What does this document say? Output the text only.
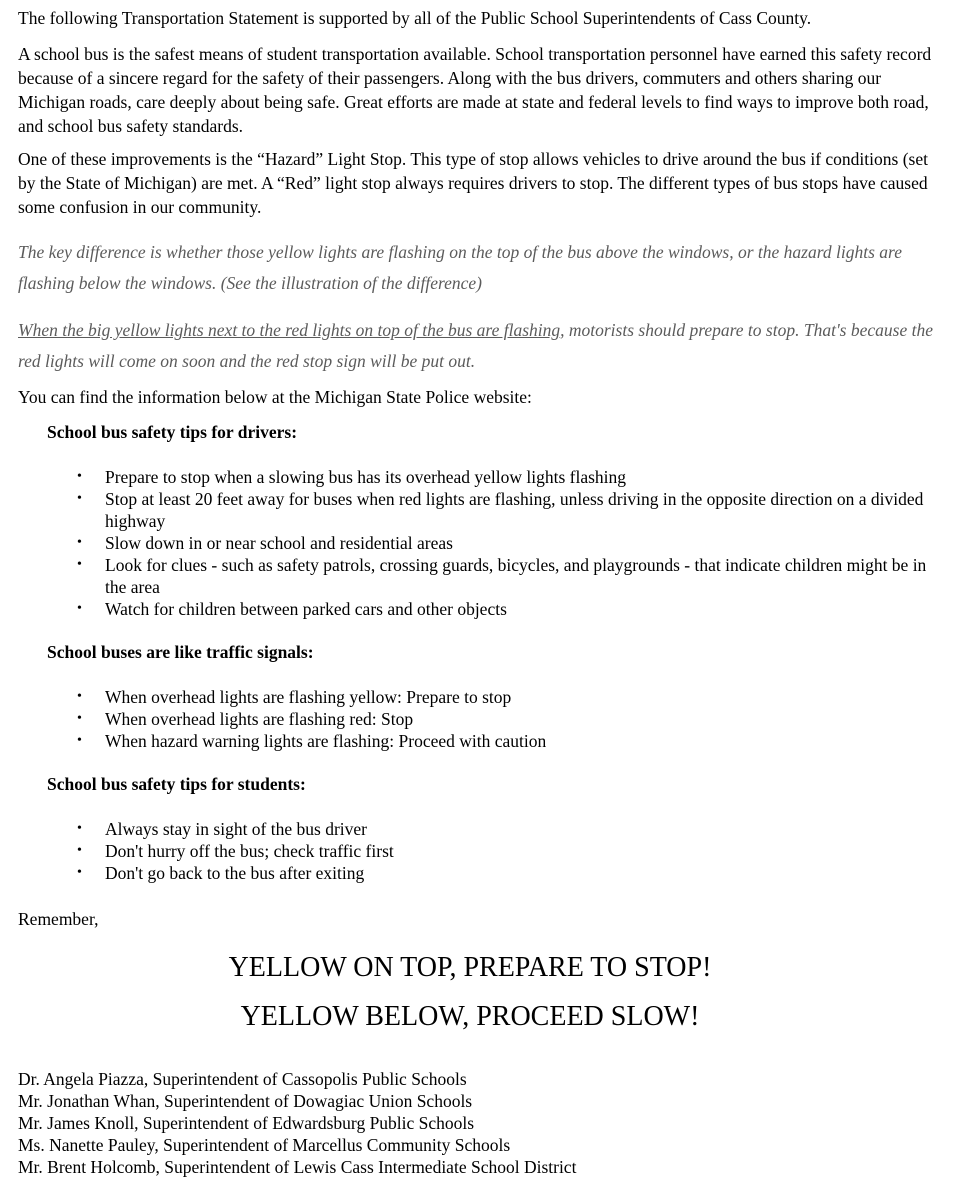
The following Transportation Statement is supported by all of the Public School Superintendents of Cass County.

A school bus is the safest means of student transportation available. School transportation personnel have earned this safety record because of a sincere regard for the safety of their passengers. Along with the bus drivers, commuters and others sharing our Michigan roads, care deeply about being safe. Great efforts are made at state and federal levels to find ways to improve both road, and school bus safety standards.

One of these improvements is the “Hazard” Light Stop. This type of stop allows vehicles to drive around the bus if conditions (set by the State of Michigan) are met. A “Red” light stop always requires drivers to stop. The different types of bus stops have caused some confusion in our community.

The key difference is whether those yellow lights are flashing on the top of the bus above the windows, or the hazard lights are flashing below the windows. (See the illustration of the difference)

When the big yellow lights next to the red lights on top of the bus are flashing, motorists should prepare to stop. That's because the red lights will come on soon and the red stop sign will be put out.

You can find the information below at the Michigan State Police website:

School bus safety tips for drivers:

• Prepare to stop when a slowing bus has its overhead yellow lights flashing
• Stop at least 20 feet away for buses when red lights are flashing, unless driving in the opposite direction on a divided highway
• Slow down in or near school and residential areas
• Look for clues - such as safety patrols, crossing guards, bicycles, and playgrounds - that indicate children might be in the area
• Watch for children between parked cars and other objects

School buses are like traffic signals:

• When overhead lights are flashing yellow: Prepare to stop
• When overhead lights are flashing red: Stop
• When hazard warning lights are flashing: Proceed with caution

School bus safety tips for students:

• Always stay in sight of the bus driver
• Don't hurry off the bus; check traffic first
• Don't go back to the bus after exiting

Remember,

YELLOW ON TOP, PREPARE TO STOP!

YELLOW BELOW, PROCEED SLOW!

Dr. Angela Piazza, Superintendent of Cassopolis Public Schools

Mr. Jonathan Whan, Superintendent of Dowagiac Union Schools

Mr. James Knoll, Superintendent of Edwardsburg Public Schools

Ms. Nanette Pauley, Superintendent of Marcellus Community Schools

Mr. Brent Holcomb, Superintendent of Lewis Cass Intermediate School District
